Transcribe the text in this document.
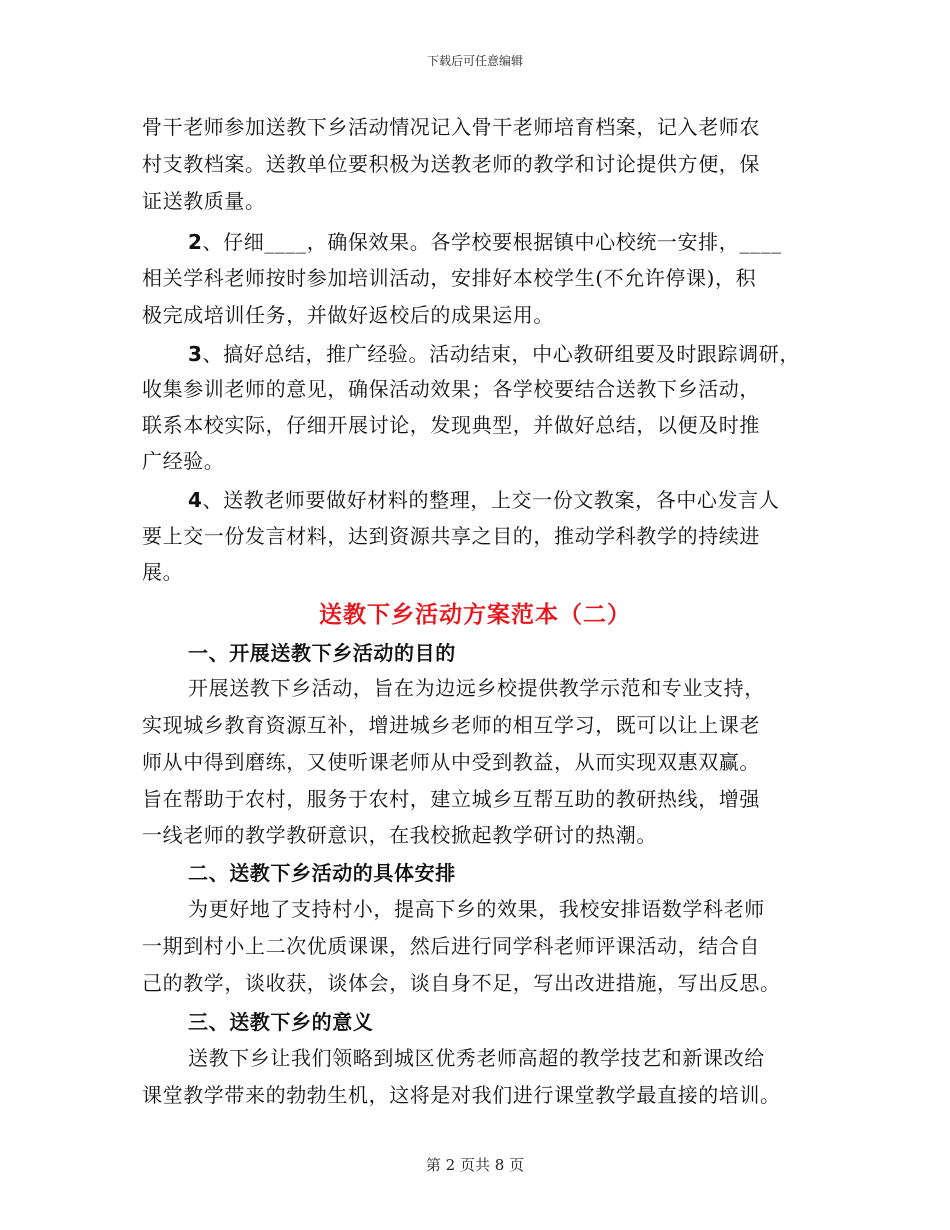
下载后可任意编辑
骨干老师参加送教下乡活动情况记入骨干老师培育档案，记入老师农
村支教档案。送教单位要积极为送教老师的教学和讨论提供方便，保
证送教质量。
2、仔细____，确保效果。各学校要根据镇中心校统一安排，____
相关学科老师按时参加培训活动，安排好本校学生(不允许停课)，积
极完成培训任务，并做好返校后的成果运用。
3、搞好总结，推广经验。活动结束，中心教研组要及时跟踪调研，
收集参训老师的意见，确保活动效果；各学校要结合送教下乡活动，
联系本校实际，仔细开展讨论，发现典型，并做好总结，以便及时推
广经验。
4、送教老师要做好材料的整理，上交一份文教案，各中心发言人
要上交一份发言材料，达到资源共享之目的，推动学科教学的持续进
展。
送教下乡活动方案范本（二）
一、开展送教下乡活动的目的
开展送教下乡活动，旨在为边远乡校提供教学示范和专业支持，
实现城乡教育资源互补，增进城乡老师的相互学习，既可以让上课老
师从中得到磨练，又使听课老师从中受到教益，从而实现双惠双赢。
旨在帮助于农村，服务于农村，建立城乡互帮互助的教研热线，增强
一线老师的教学教研意识，在我校掀起教学研讨的热潮。
二、送教下乡活动的具体安排
为更好地了支持村小，提高下乡的效果，我校安排语数学科老师
一期到村小上二次优质课课，然后进行同学科老师评课活动，结合自
己的教学，谈收获，谈体会，谈自身不足，写出改进措施，写出反思。
三、送教下乡的意义
送教下乡让我们领略到城区优秀老师高超的教学技艺和新课改给
课堂教学带来的勃勃生机，这将是对我们进行课堂教学最直接的培训。
第 2 页共 8 页
